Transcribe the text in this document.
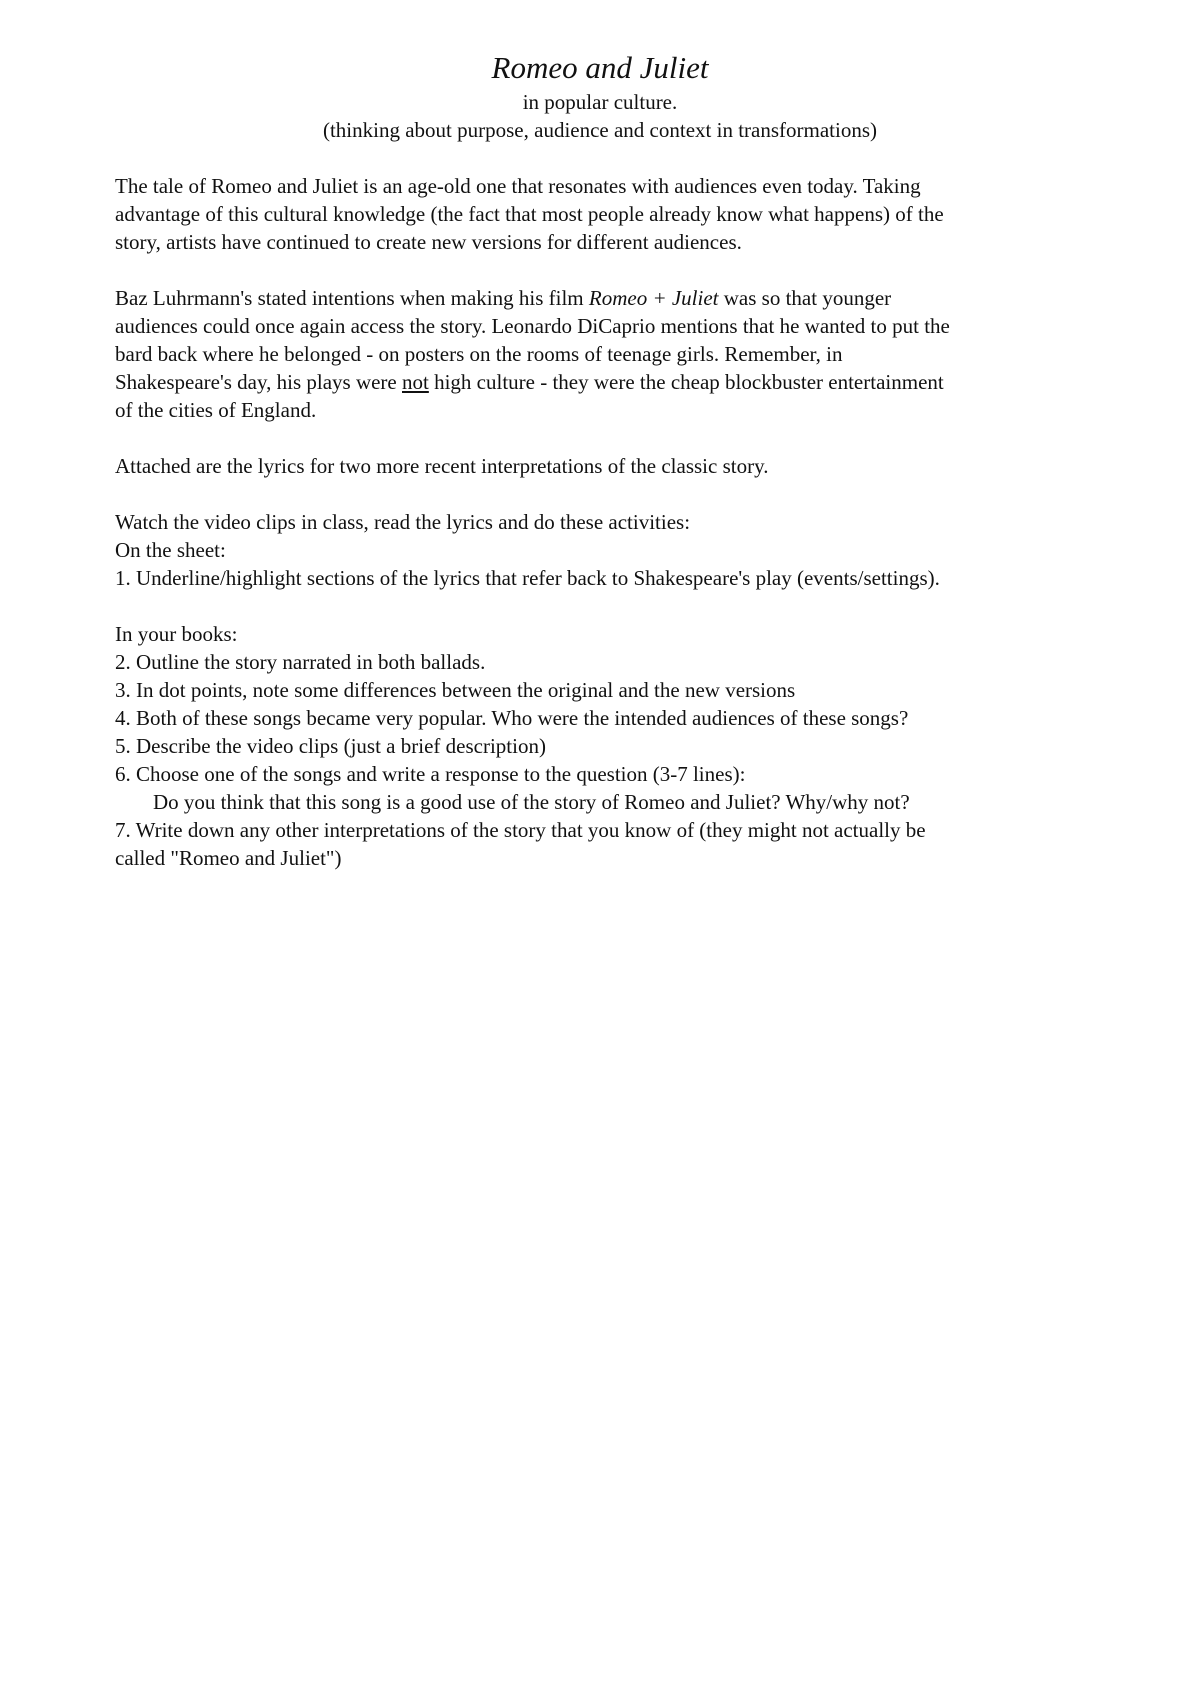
Romeo and Juliet

in popular culture.

(thinking about purpose, audience and context in transformations)

The tale of Romeo and Juliet is an age-old one that resonates with audiences even today. Taking

advantage of this cultural knowledge (the fact that most people already know what happens) of the

story, artists have continued to create new versions for different audiences.

Baz Luhrmann's stated intentions when making his film Romeo + Juliet was so that younger

audiences could once again access the story. Leonardo DiCaprio mentions that he wanted to put the

bard back where he belonged - on posters on the rooms of teenage girls. Remember, in

Shakespeare's day, his plays were not high culture - they were the cheap blockbuster entertainment

of the cities of England.

Attached are the lyrics for two more recent interpretations of the classic story.

Watch the video clips in class, read the lyrics and do these activities:

On the sheet:

1. Underline/highlight sections of the lyrics that refer back to Shakespeare's play (events/settings).

In your books:

2. Outline the story narrated in both ballads.

3. In dot points, note some differences between the original and the new versions

4. Both of these songs became very popular. Who were the intended audiences of these songs?

5. Describe the video clips (just a brief description)

6. Choose one of the songs and write a response to the question (3-7 lines):

Do you think that this song is a good use of the story of Romeo and Juliet? Why/why not?

7. Write down any other interpretations of the story that you know of (they might not actually be

called "Romeo and Juliet")
